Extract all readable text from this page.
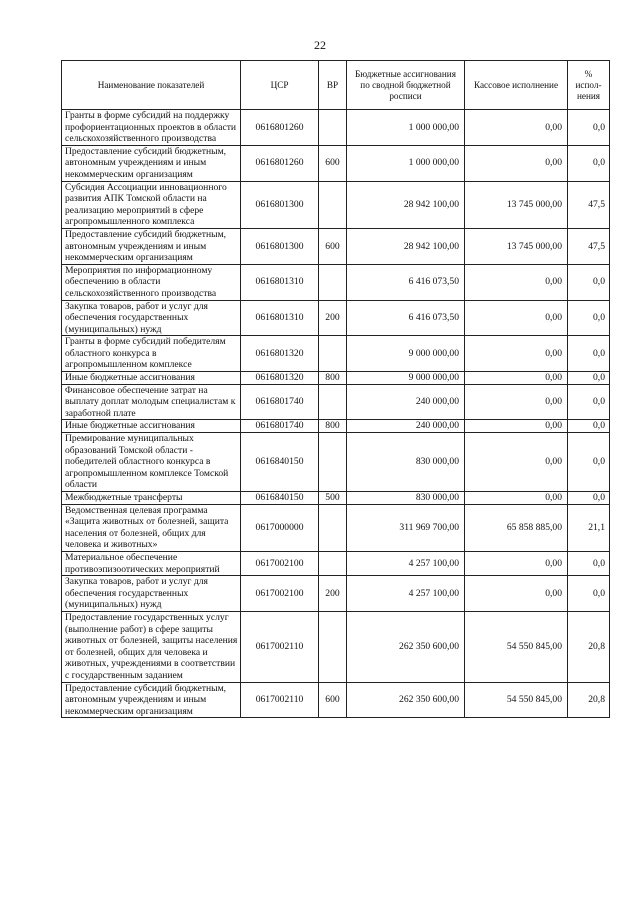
22
Наименование показателей	ЦСР	ВР	Бюджетные ассигнования по сводной бюджетной росписи	Кассовое исполнение	% испол-нения
Гранты в форме субсидий на поддержку профориентационных проектов в области сельскохозяйственного производства	0616801260		1 000 000,00	0,00	0,0
Предоставление субсидий бюджетным, автономным учреждениям и иным некоммерческим организациям	0616801260	600	1 000 000,00	0,00	0,0
Субсидия Ассоциации инновационного развития АПК Томской области на реализацию мероприятий в сфере агропромышленного комплекса	0616801300		28 942 100,00	13 745 000,00	47,5
Предоставление субсидий бюджетным, автономным учреждениям и иным некоммерческим организациям	0616801300	600	28 942 100,00	13 745 000,00	47,5
Мероприятия по информационному обеспечению в области сельскохозяйственного производства	0616801310		6 416 073,50	0,00	0,0
Закупка товаров, работ и услуг для обеспечения государственных (муниципальных) нужд	0616801310	200	6 416 073,50	0,00	0,0
Гранты в форме субсидий победителям областного конкурса в агропромышленном комплексе	0616801320		9 000 000,00	0,00	0,0
Иные бюджетные ассигнования	0616801320	800	9 000 000,00	0,00	0,0
Финансовое обеспечение затрат на выплату доплат молодым специалистам к заработной плате	0616801740		240 000,00	0,00	0,0
Иные бюджетные ассигнования	0616801740	800	240 000,00	0,00	0,0
Премирование муниципальных образований Томской области - победителей областного конкурса в агропромышленном комплексе Томской области	0616840150		830 000,00	0,00	0,0
Межбюджетные трансферты	0616840150	500	830 000,00	0,00	0,0
Ведомственная целевая программа «Защита животных от болезней, защита населения от болезней, общих для человека и животных»	0617000000		311 969 700,00	65 858 885,00	21,1
Материальное обеспечение противоэпизоотических мероприятий	0617002100		4 257 100,00	0,00	0,0
Закупка товаров, работ и услуг для обеспечения государственных (муниципальных) нужд	0617002100	200	4 257 100,00	0,00	0,0
Предоставление государственных услуг (выполнение работ) в сфере защиты животных от болезней, защиты населения от болезней, общих для человека и животных, учреждениями в соответствии с государственным заданием	0617002110		262 350 600,00	54 550 845,00	20,8
Предоставление субсидий бюджетным, автономным учреждениям и иным некоммерческим организациям	0617002110	600	262 350 600,00	54 550 845,00	20,8
